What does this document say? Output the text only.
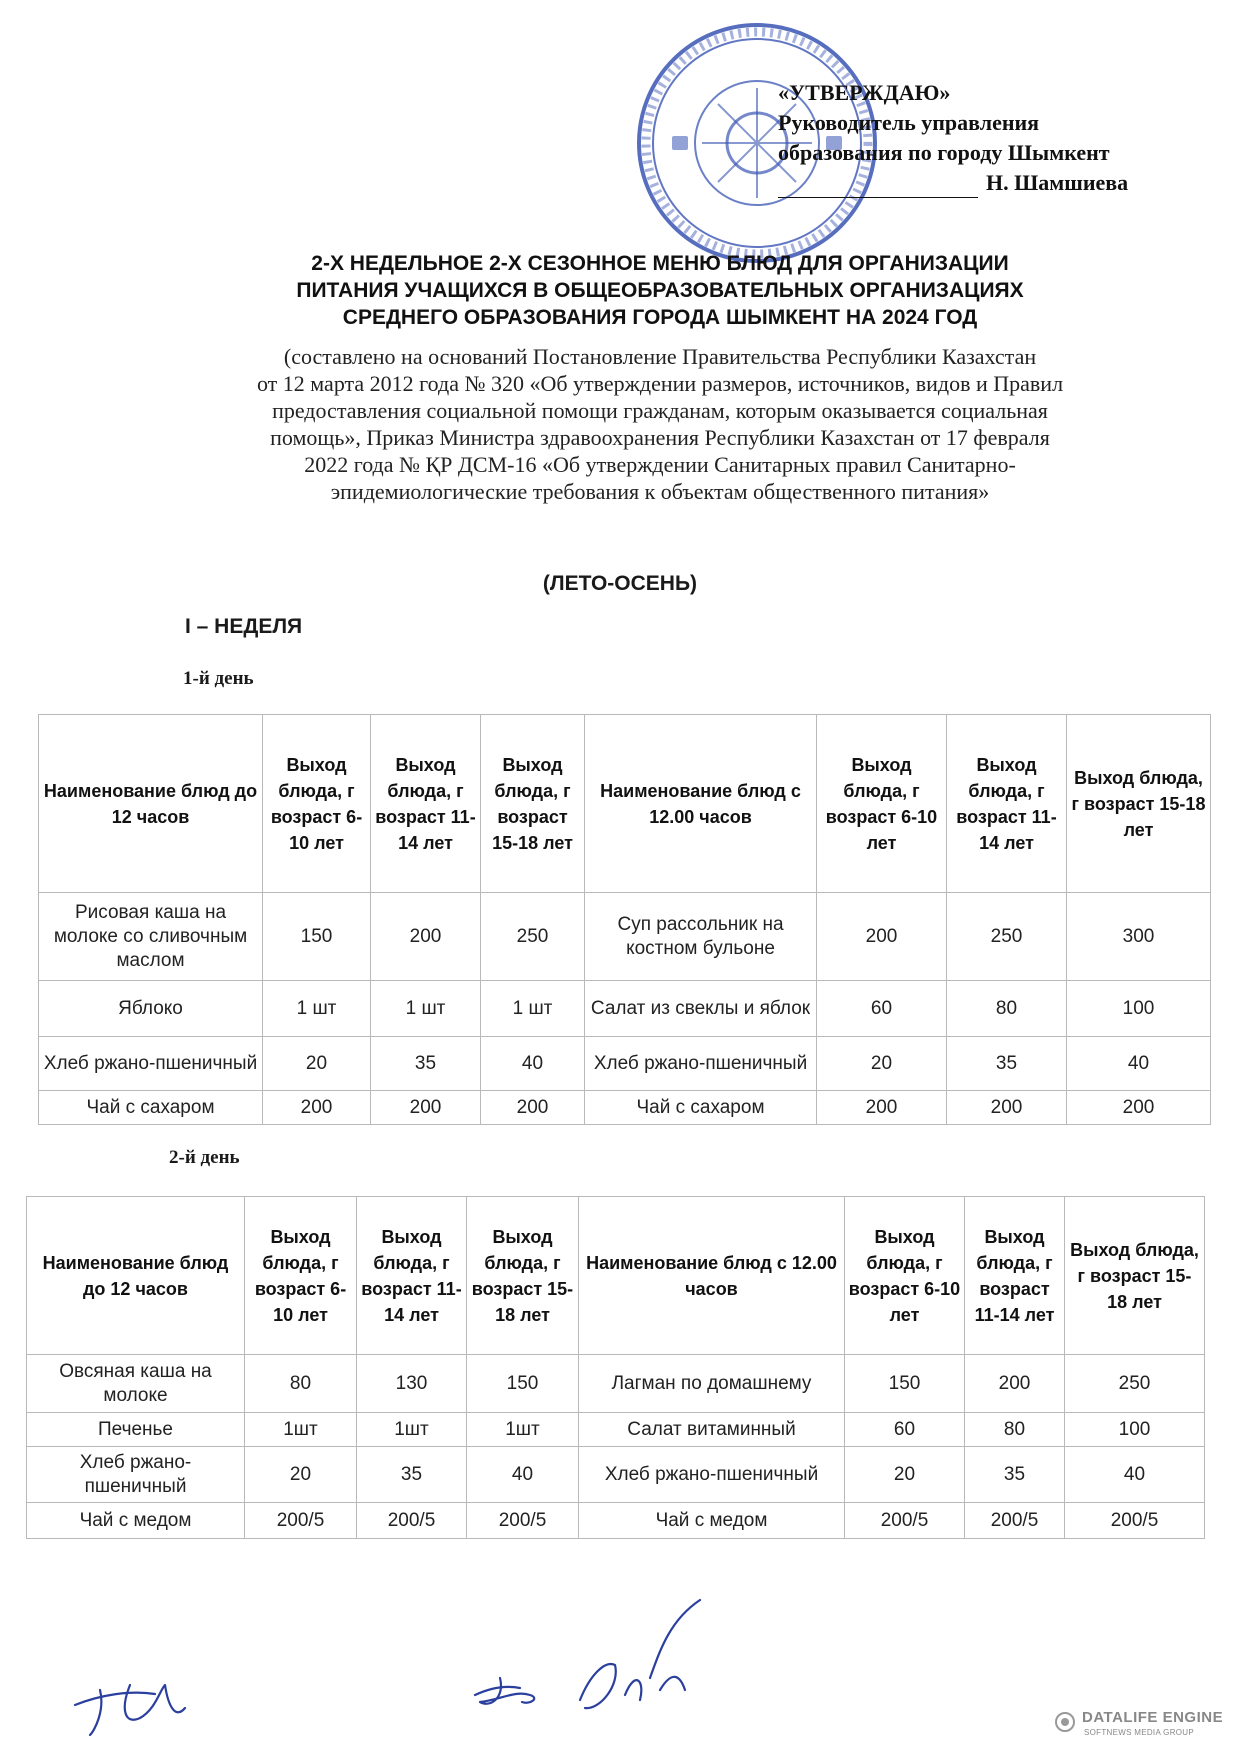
«УТВЕРЖДАЮ»
Руководитель управления
образования по городу Шымкент
Н. Шамшиева
2-Х НЕДЕЛЬНОЕ 2-Х СЕЗОННОЕ МЕНЮ БЛЮД ДЛЯ ОРГАНИЗАЦИИ
ПИТАНИЯ УЧАЩИХСЯ В ОБЩЕОБРАЗОВАТЕЛЬНЫХ ОРГАНИЗАЦИЯХ
СРЕДНЕГО ОБРАЗОВАНИЯ ГОРОДА ШЫМКЕНТ НА 2024 ГОД
(составлено на оснований Постановление Правительства Республики Казахстан
от 12 марта 2012 года № 320 «Об утверждении размеров, источников, видов и Правил
предоставления социальной помощи гражданам, которым оказывается социальная
помощь», Приказ Министра здравоохранения Республики Казахстан от 17 февраля
2022 года № ҚР ДСМ-16 «Об утверждении Санитарных правил Санитарно-
эпидемиологические требования к объектам общественного питания»
(ЛЕТО-ОСЕНЬ)
I – НЕДЕЛЯ
1-й день
Наименование блюд до 12 часов	Выход блюда, г возраст 6-10 лет	Выход блюда, г возраст 11-14 лет	Выход блюда, г возраст 15-18 лет	Наименование блюд с 12.00 часов	Выход блюда, г возраст 6-10 лет	Выход блюда, г возраст 11-14 лет	Выход блюда, г возраст 15-18 лет
Рисовая каша на молоке со сливочным маслом	150	200	250	Суп рассольник на костном бульоне	200	250	300
Яблоко	1 шт	1 шт	1 шт	Салат из свеклы и яблок	60	80	100
Хлеб ржано-пшеничный	20	35	40	Хлеб ржано-пшеничный	20	35	40
Чай с сахаром	200	200	200	Чай с сахаром	200	200	200
2-й день
Наименование блюд до 12 часов	Выход блюда, г возраст 6-10 лет	Выход блюда, г возраст 11-14 лет	Выход блюда, г возраст 15-18 лет	Наименование блюд с 12.00 часов	Выход блюда, г возраст 6-10 лет	Выход блюда, г возраст 11-14 лет	Выход блюда, г возраст 15-18 лет
Овсяная каша на молоке	80	130	150	Лагман по домашнему	150	200	250
Печенье	1шт	1шт	1шт	Салат витаминный	60	80	100
Хлеб ржано-пшеничный	20	35	40	Хлеб ржано-пшеничный	20	35	40
Чай с медом	200/5	200/5	200/5	Чай с медом	200/5	200/5	200/5
DATALIFE ENGINE
SOFTNEWS MEDIA GROUP
